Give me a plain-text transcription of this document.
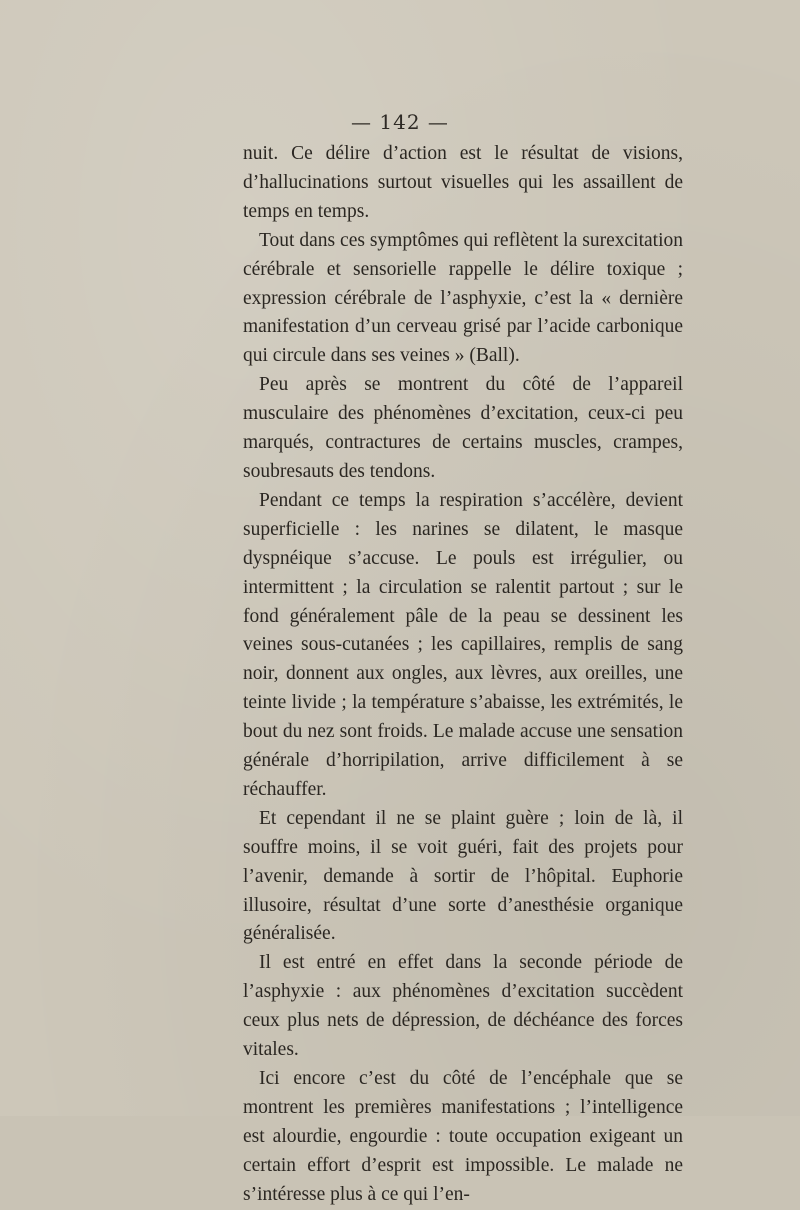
— 142 —

nuit. Ce délire d’action est le résultat de visions, d’hallucinations surtout visuelles qui les assaillent de temps en temps.

Tout dans ces symptômes qui reflètent la surexcitation cérébrale et sensorielle rappelle le délire toxique ; expression cérébrale de l’asphyxie, c’est la « dernière manifestation d’un cerveau grisé par l’acide carbonique qui circule dans ses veines » (Ball).

Peu après se montrent du côté de l’appareil musculaire des phénomènes d’excitation, ceux-ci peu marqués, contractures de certains muscles, crampes, soubresauts des tendons.

Pendant ce temps la respiration s’accélère, devient superficielle : les narines se dilatent, le masque dyspnéique s’accuse. Le pouls est irrégulier, ou intermittent ; la circulation se ralentit partout ; sur le fond généralement pâle de la peau se dessinent les veines sous-cutanées ; les capillaires, remplis de sang noir, donnent aux ongles, aux lèvres, aux oreilles, une teinte livide ; la température s’abaisse, les extrémités, le bout du nez sont froids. Le malade accuse une sensation générale d’horripilation, arrive difficilement à se réchauffer.

Et cependant il ne se plaint guère ; loin de là, il souffre moins, il se voit guéri, fait des projets pour l’avenir, demande à sortir de l’hôpital. Euphorie illusoire, résultat d’une sorte d’anesthésie organique généralisée.

Il est entré en effet dans la seconde période de l’asphyxie : aux phénomènes d’excitation succèdent ceux plus nets de dépression, de déchéance des forces vitales.

Ici encore c’est du côté de l’encéphale que se montrent les premières manifestations ; l’intelligence est alourdie, engourdie : toute occupation exigeant un certain effort d’esprit est impossible. Le malade ne s’intéresse plus à ce qui l’en-
